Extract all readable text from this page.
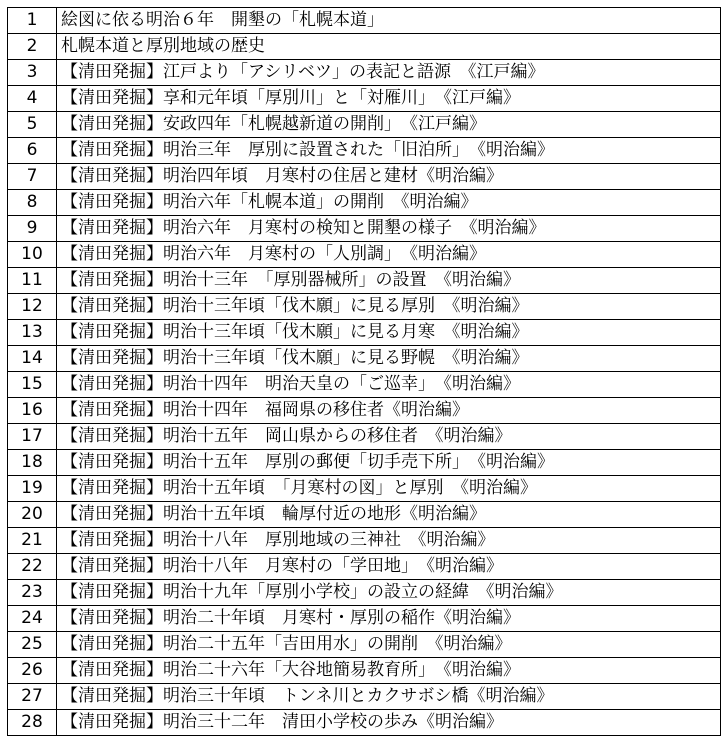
1	絵図に依る明治６年　開墾の「札幌本道」
2	札幌本道と厚別地域の歴史
3	【清田発掘】江戸より「アシリベツ」の表記と語源　《江戸編》
4	【清田発掘】享和元年頃「厚別川」と「対雁川」　《江戸編》
5	【清田発掘】安政四年「札幌越新道の開削」　《江戸編》
6	【清田発掘】明治三年　厚別に設置された「旧泊所」　《明治編》
7	【清田発掘】明治四年頃　月寒村の住居と建材《明治編》
8	【清田発掘】明治六年「札幌本道」の開削　《明治編》
9	【清田発掘】明治六年　月寒村の検知と開墾の様子　《明治編》
10	【清田発掘】明治六年　月寒村の「人別調」　《明治編》
11	【清田発掘】明治十三年　「厚別器械所」の設置　《明治編》
12	【清田発掘】明治十三年頃「伐木願」に見る厚別　《明治編》
13	【清田発掘】明治十三年頃「伐木願」に見る月寒　《明治編》
14	【清田発掘】明治十三年頃「伐木願」に見る野幌　《明治編》
15	【清田発掘】明治十四年　明治天皇の「ご巡幸」　《明治編》
16	【清田発掘】明治十四年　福岡県の移住者《明治編》
17	【清田発掘】明治十五年　岡山県からの移住者　《明治編》
18	【清田発掘】明治十五年　厚別の郵便「切手売下所」　《明治編》
19	【清田発掘】明治十五年頃　「月寒村の図」と厚別　《明治編》
20	【清田発掘】明治十五年頃　輪厚付近の地形《明治編》
21	【清田発掘】明治十八年　厚別地域の三神社　《明治編》
22	【清田発掘】明治十八年　月寒村の「学田地」　《明治編》
23	【清田発掘】明治十九年「厚別小学校」の設立の経緯　《明治編》
24	【清田発掘】明治二十年頃　月寒村・厚別の稲作《明治編》
25	【清田発掘】明治二十五年「吉田用水」の開削　《明治編》
26	【清田発掘】明治二十六年「大谷地簡易教育所」　《明治編》
27	【清田発掘】明治三十年頃　トンネ川とカクサボシ橋《明治編》
28	【清田発掘】明治三十二年　清田小学校の歩み《明治編》
